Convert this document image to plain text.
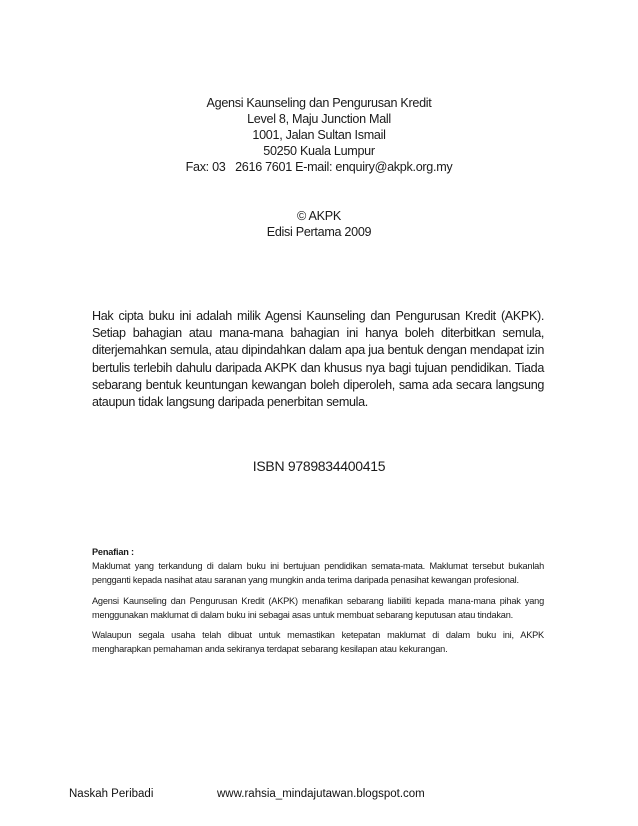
Agensi Kaunseling dan Pengurusan Kredit
Level 8, Maju Junction Mall
1001, Jalan Sultan Ismail
50250 Kuala Lumpur
Fax: 03   2616 7601 E-mail: enquiry@akpk.org.my
© AKPK
Edisi Pertama 2009
Hak cipta buku ini adalah milik Agensi Kaunseling dan Pengurusan Kredit (AKPK). Setiap bahagian atau mana-mana bahagian ini hanya boleh diterbitkan semula, diterjemahkan semula, atau dipindahkan dalam apa jua bentuk dengan mendapat izin bertulis terlebih dahulu daripada AKPK dan khusus nya bagi tujuan pendidikan. Tiada sebarang bentuk keuntungan kewangan boleh diperoleh, sama ada secara langsung ataupun tidak langsung daripada penerbitan semula.
ISBN 9789834400415
Penafian :

Maklumat yang terkandung di dalam buku ini bertujuan pendidikan semata-mata. Maklumat tersebut bukanlah pengganti kepada nasihat atau saranan yang mungkin anda terima daripada penasihat kewangan profesional.

Agensi Kaunseling dan Pengurusan Kredit (AKPK) menafikan sebarang liabiliti kepada mana-mana pihak yang menggunakan maklumat di dalam buku ini sebagai asas untuk membuat sebarang keputusan atau tindakan.

Walaupun segala usaha telah dibuat untuk memastikan ketepatan maklumat di dalam buku ini, AKPK mengharapkan pemahaman anda sekiranya terdapat sebarang kesilapan atau kekurangan.

Naskah Peribadi	www.rahsia_mindajutawan.blogspot.com
